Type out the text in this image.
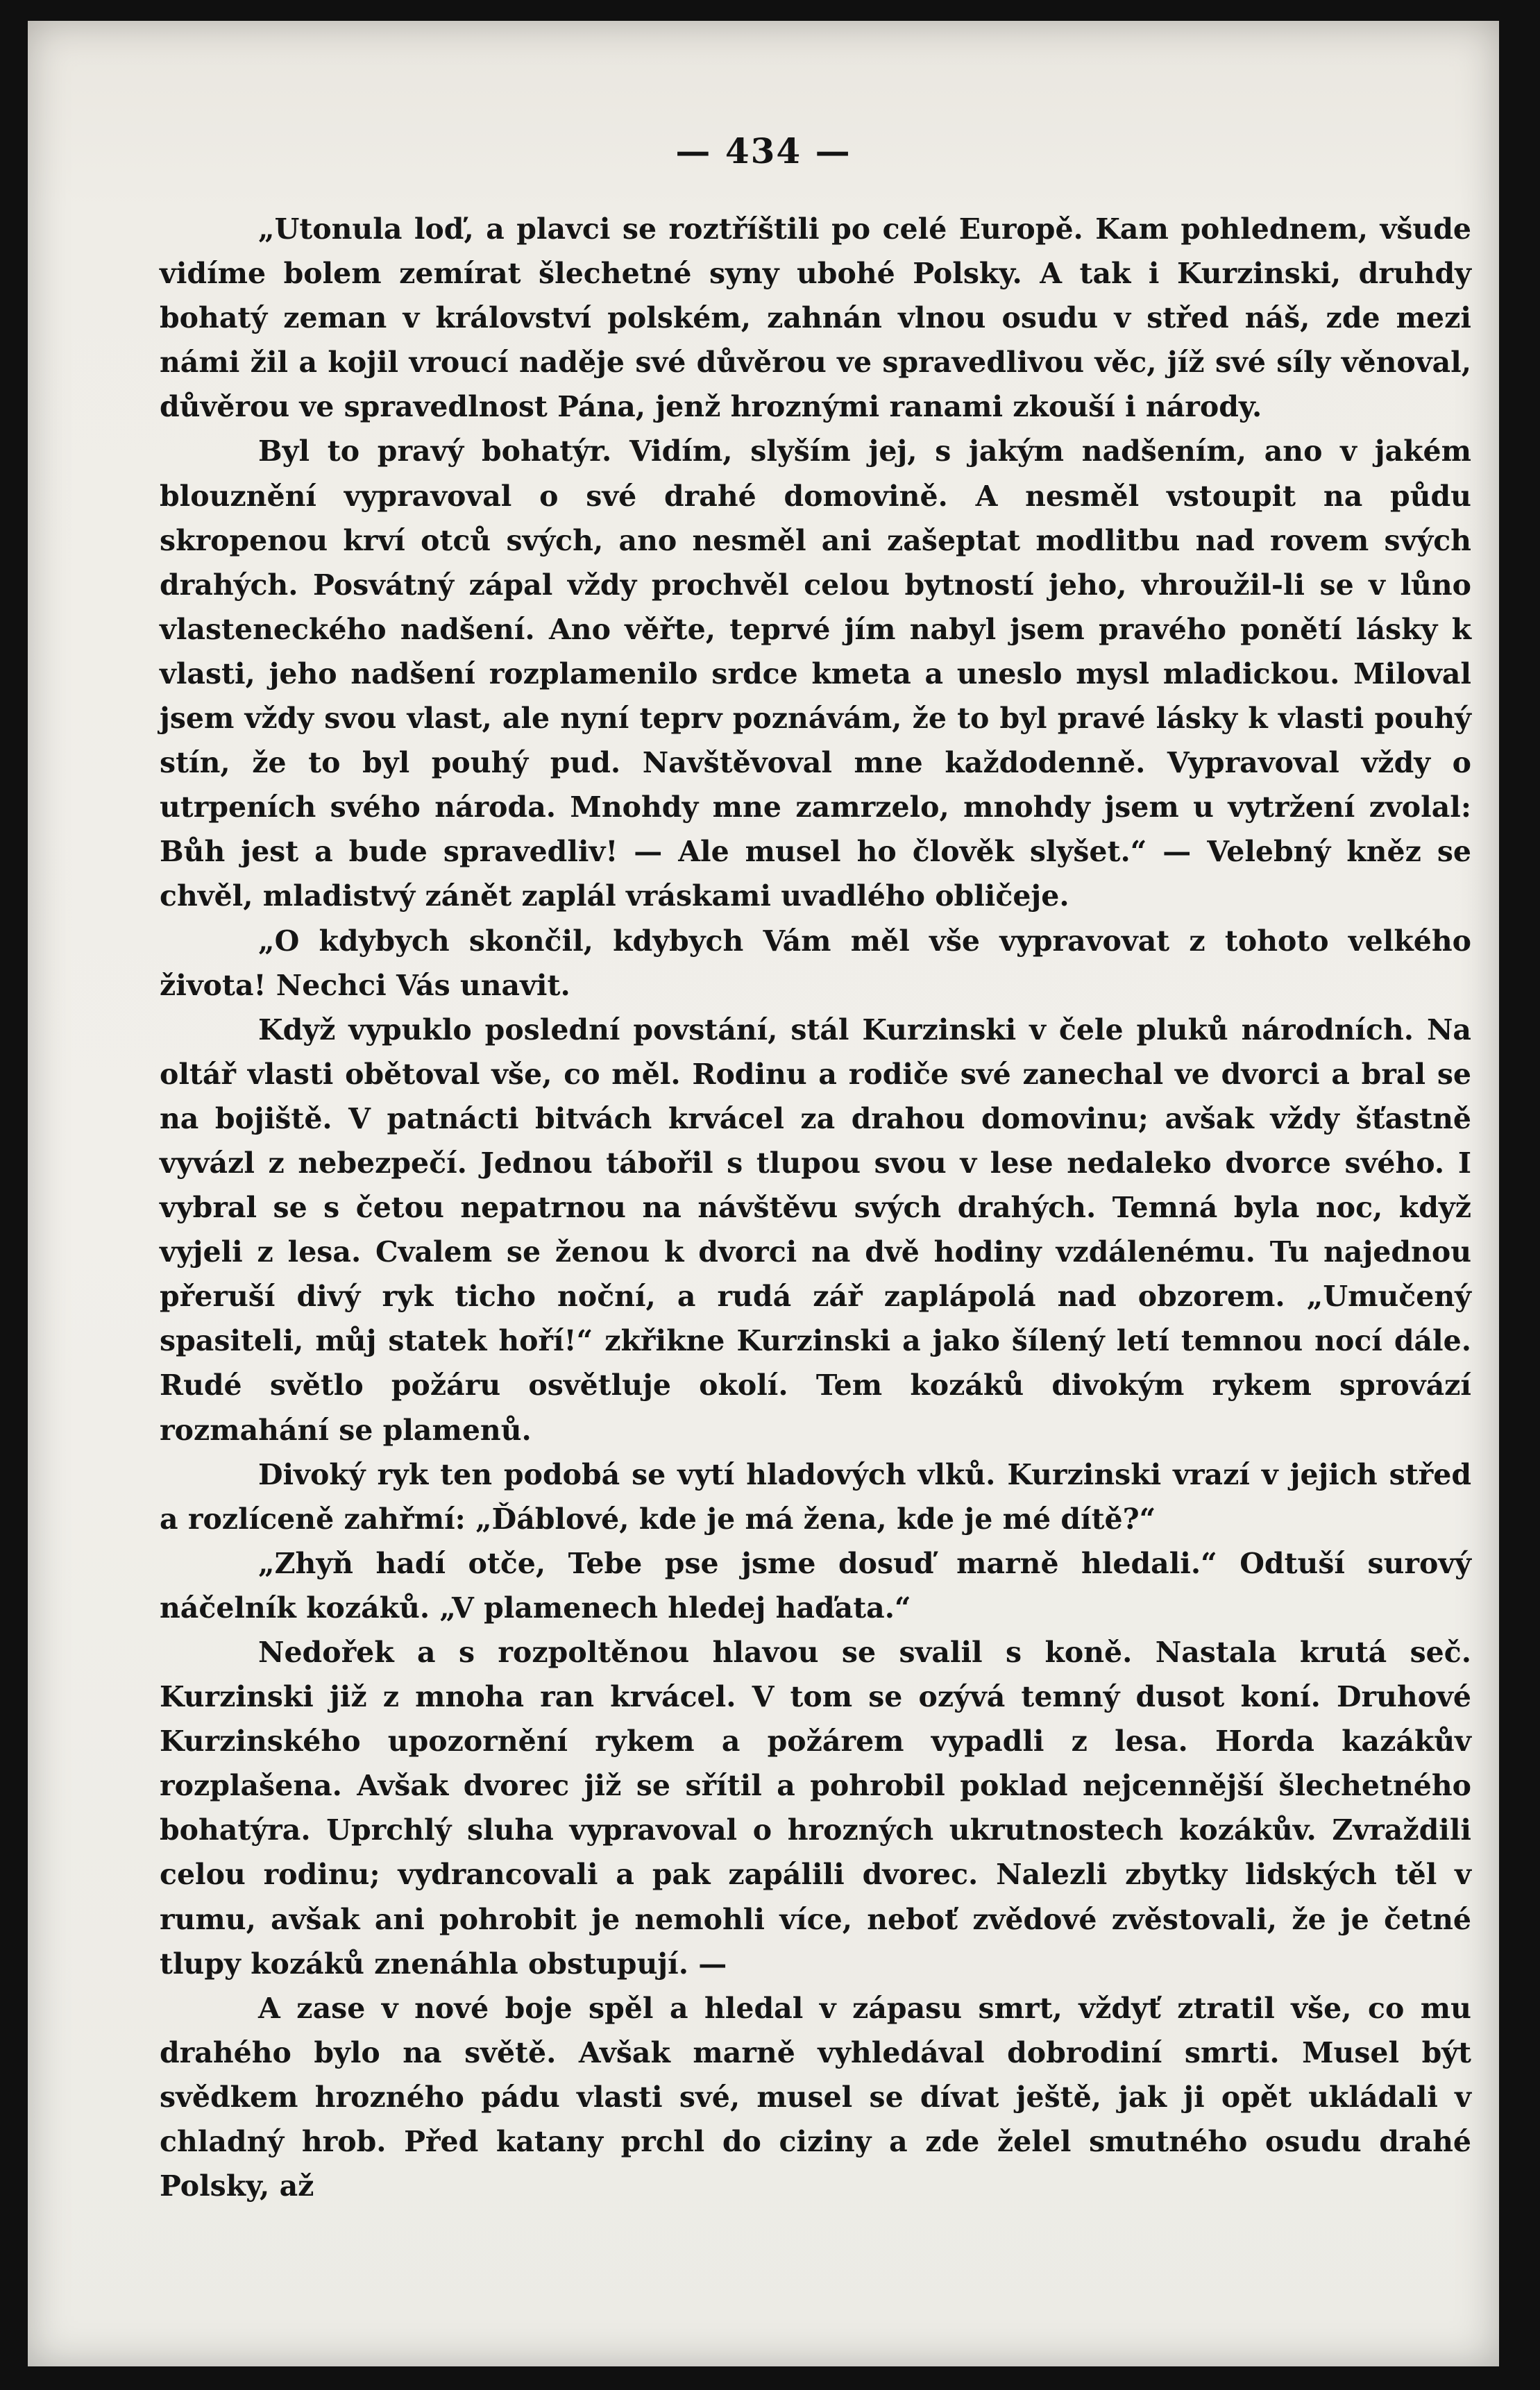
— 434 —

„Utonula loď, a plavci se roztříštili po celé Europě. Kam pohlednem, všude vidíme bolem zemírat šlechetné syny ubohé Polsky. A tak i Kurzinski, druhdy bohatý zeman v království polském, zahnán vlnou osudu v střed náš, zde mezi námi žil a kojil vroucí naděje své důvěrou ve spravedlivou věc, jíž své síly věnoval, důvěrou ve spravedlnost Pána, jenž hroznými ranami zkouší i národy.

Byl to pravý bohatýr. Vidím, slyším jej, s jakým nadšením, ano v jakém blouznění vypravoval o své drahé domovině. A nesměl vstoupit na půdu skropenou krví otců svých, ano nesměl ani zašeptat modlitbu nad rovem svých drahých. Posvátný zápal vždy prochvěl celou bytností jeho, vhroužil-li se v lůno vlasteneckého nadšení. Ano věřte, teprvé jím nabyl jsem pravého ponětí lásky k vlasti, jeho nadšení rozplamenilo srdce kmeta a uneslo mysl mladickou. Miloval jsem vždy svou vlast, ale nyní teprv poznávám, že to byl pravé lásky k vlasti pouhý stín, že to byl pouhý pud. Navštěvoval mne každodenně. Vypravoval vždy o utrpeních svého národa. Mnohdy mne zamrzelo, mnohdy jsem u vytržení zvolal: Bůh jest a bude spravedliv! — Ale musel ho člověk slyšet.“ — Velebný kněz se chvěl, mladistvý zánět zaplál vráskami uvadlého obličeje.

„O kdybych skončil, kdybych Vám měl vše vypravovat z tohoto velkého života! Nechci Vás unavit.

Když vypuklo poslední povstání, stál Kurzinski v čele pluků národních. Na oltář vlasti obětoval vše, co měl. Rodinu a rodiče své zanechal ve dvorci a bral se na bojiště. V patnácti bitvách krvácel za drahou domovinu; avšak vždy šťastně vyvázl z nebezpečí. Jednou tábořil s tlupou svou v lese nedaleko dvorce svého. I vybral se s četou nepatrnou na návštěvu svých drahých. Temná byla noc, když vyjeli z lesa. Cvalem se ženou k dvorci na dvě hodiny vzdálenému. Tu najednou přeruší divý ryk ticho noční, a rudá zář zaplápolá nad obzorem. „Umučený spasiteli, můj statek hoří!“ zkřikne Kurzinski a jako šílený letí temnou nocí dále. Rudé světlo požáru osvětluje okolí. Tem kozáků divokým rykem sprovází rozmahání se plamenů.

Divoký ryk ten podobá se vytí hladových vlků. Kurzinski vrazí v jejich střed a rozlíceně zahřmí: „Ďáblové, kde je má žena, kde je mé dítě?“

„Zhyň hadí otče, Tebe pse jsme dosuď marně hledali.“ Odtuší surový náčelník kozáků. „V plamenech hledej haďata.“

Nedořek a s rozpoltěnou hlavou se svalil s koně. Nastala krutá seč. Kurzinski již z mnoha ran krvácel. V tom se ozývá temný dusot koní. Druhové Kurzinského upozornění rykem a požárem vypadli z lesa. Horda kazákův rozplašena. Avšak dvorec již se sřítil a pohrobil poklad nejcennější šlechetného bohatýra. Uprchlý sluha vypravoval o hrozných ukrutnostech kozákův. Zvraždili celou rodinu; vydrancovali a pak zapálili dvorec. Nalezli zbytky lidských těl v rumu, avšak ani pohrobit je nemohli více, neboť zvědové zvěstovali, že je četné tlupy kozáků znenáhla obstupují. —

A zase v nové boje spěl a hledal v zápasu smrt, vždyť ztratil vše, co mu drahého bylo na světě. Avšak marně vyhledával dobrodiní smrti. Musel být svědkem hrozného pádu vlasti své, musel se dívat ještě, jak ji opět ukládali v chladný hrob. Před katany prchl do ciziny a zde želel smutného osudu drahé Polsky, až
